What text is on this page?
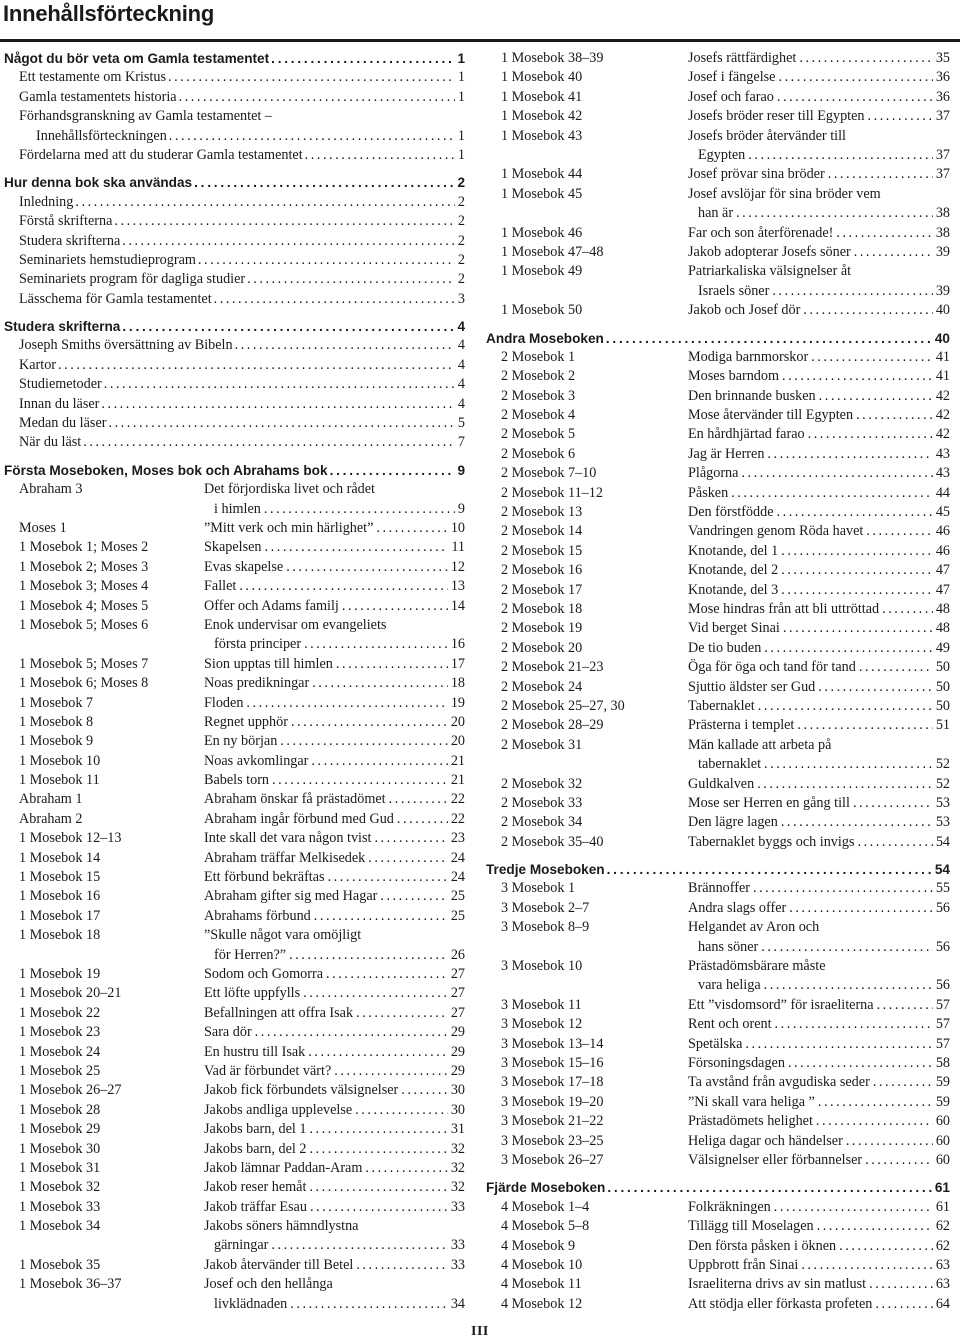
Innehållsförteckning
Något du bör veta om Gamla testamentet . . .	1
Ett testamente om Kristus . . .	1
Gamla testamentets historia . . .	1
Förhandsgranskning av Gamla testamentet –
Innehållsförteckningen . . .	1
Fördelarna med att du studerar Gamla testamentet . . .	1
Hur denna bok ska användas . . .	2
Inledning . . .	2
Förstå skrifterna . . .	2
Studera skrifterna . . .	2
Seminariets hemstudieprogram . . .	2
Seminariets program för dagliga studier . . .	2
Lässchema för Gamla testamentet . . .	3
Studera skrifterna . . .	4
Joseph Smiths översättning av Bibeln . . .	4
Kartor . . .	4
Studiemetoder . . .	4
Innan du läser . . .	4
Medan du läser . . .	5
När du läst . . .	7
Första Moseboken, Moses bok och Abrahams bok . . .	9
Abraham 3	Det förjordiska livet och rådet
i himlen . . .	9
Moses 1	”Mitt verk och min härlighet” . . .	10
1 Mosebok 1; Moses 2	Skapelsen . . .	11
1 Mosebok 2; Moses 3	Evas skapelse . . .	12
1 Mosebok 3; Moses 4	Fallet . . .	13
1 Mosebok 4; Moses 5	Offer och Adams familj . . .	14
1 Mosebok 5; Moses 6	Enok undervisar om evangeliets
första principer . . .	16
1 Mosebok 5; Moses 7	Sion upptas till himlen . . .	17
1 Mosebok 6; Moses 8	Noas predikningar . . .	18
1 Mosebok 7	Floden . . .	19
1 Mosebok 8	Regnet upphör . . .	20
1 Mosebok 9	En ny början . . .	20
1 Mosebok 10	Noas avkomlingar . . .	21
1 Mosebok 11	Babels torn . . .	21
Abraham 1	Abraham önskar få prästadömet . . .	22
Abraham 2	Abraham ingår förbund med Gud . . .	22
1 Mosebok 12–13	Inte skall det vara någon tvist . . .	23
1 Mosebok 14	Abraham träffar Melkisedek . . .	24
1 Mosebok 15	Ett förbund bekräftas . . .	24
1 Mosebok 16	Abraham gifter sig med Hagar . . .	25
1 Mosebok 17	Abrahams förbund . . .	25
1 Mosebok 18	”Skulle något vara omöjligt
för Herren?” . . .	26
1 Mosebok 19	Sodom och Gomorra . . .	27
1 Mosebok 20–21	Ett löfte uppfylls . . .	27
1 Mosebok 22	Befallningen att offra Isak . . .	27
1 Mosebok 23	Sara dör . . .	29
1 Mosebok 24	En hustru till Isak . . .	29
1 Mosebok 25	Vad är förbundet värt? . . .	29
1 Mosebok 26–27	Jakob fick förbundets välsignelser . . .	30
1 Mosebok 28	Jakobs andliga upplevelse . . .	30
1 Mosebok 29	Jakobs barn, del 1 . . .	31
1 Mosebok 30	Jakobs barn, del 2 . . .	32
1 Mosebok 31	Jakob lämnar Paddan-Aram . . .	32
1 Mosebok 32	Jakob reser hemåt . . .	32
1 Mosebok 33	Jakob träffar Esau . . .	33
1 Mosebok 34	Jakobs söners hämndlystna
gärningar . . .	33
1 Mosebok 35	Jakob återvänder till Betel . . .	33
1 Mosebok 36–37	Josef och den hellånga
livklädnaden . . .	34
1 Mosebok 38–39	Josefs rättfärdighet . . .	35
1 Mosebok 40	Josef i fängelse . . .	36
1 Mosebok 41	Josef och farao . . .	36
1 Mosebok 42	Josefs bröder reser till Egypten . . .	37
1 Mosebok 43	Josefs bröder återvänder till
Egypten . . .	37
1 Mosebok 44	Josef prövar sina bröder . . .	37
1 Mosebok 45	Josef avslöjar för sina bröder vem
han är . . .	38
1 Mosebok 46	Far och son återförenade! . . .	38
1 Mosebok 47–48	Jakob adopterar Josefs söner . . .	39
1 Mosebok 49	Patriarkaliska välsignelser åt
Israels söner . . .	39
1 Mosebok 50	Jakob och Josef dör . . .	40
Andra Moseboken . . .	40
2 Mosebok 1	Modiga barnmorskor . . .	41
2 Mosebok 2	Moses barndom . . .	41
2 Mosebok 3	Den brinnande busken . . .	42
2 Mosebok 4	Mose återvänder till Egypten . . .	42
2 Mosebok 5	En hårdhjärtad farao . . .	42
2 Mosebok 6	Jag är Herren . . .	43
2 Mosebok 7–10	Plågorna . . .	43
2 Mosebok 11–12	Påsken . . .	44
2 Mosebok 13	Den förstfödde . . .	45
2 Mosebok 14	Vandringen genom Röda havet . . .	46
2 Mosebok 15	Knotande, del 1 . . .	46
2 Mosebok 16	Knotande, del 2 . . .	47
2 Mosebok 17	Knotande, del 3 . . .	47
2 Mosebok 18	Mose hindras från att bli uttröttad . . .	48
2 Mosebok 19	Vid berget Sinai . . .	48
2 Mosebok 20	De tio buden . . .	49
2 Mosebok 21–23	Öga för öga och tand för tand . . .	50
2 Mosebok 24	Sjuttio äldster ser Gud . . .	50
2 Mosebok 25–27, 30	Tabernaklet . . .	50
2 Mosebok 28–29	Prästerna i templet . . .	51
2 Mosebok 31	Män kallade att arbeta på
tabernaklet . . .	52
2 Mosebok 32	Guldkalven . . .	52
2 Mosebok 33	Mose ser Herren en gång till . . .	53
2 Mosebok 34	Den lägre lagen . . .	53
2 Mosebok 35–40	Tabernaklet byggs och invigs . . .	54
Tredje Moseboken . . .	54
3 Mosebok 1	Brännoffer . . .	55
3 Mosebok 2–7	Andra slags offer . . .	56
3 Mosebok 8–9	Helgandet av Aron och
hans söner . . .	56
3 Mosebok 10	Prästadömsbärare måste
vara heliga . . .	56
3 Mosebok 11	Ett ”visdomsord” för israeliterna . . .	57
3 Mosebok 12	Rent och orent . . .	57
3 Mosebok 13–14	Spetälska . . .	57
3 Mosebok 15–16	Försoningsdagen . . .	58
3 Mosebok 17–18	Ta avstånd från avgudiska seder . . .	59
3 Mosebok 19–20	”Ni skall vara heliga ” . . .	59
3 Mosebok 21–22	Prästadömets helighet . . .	60
3 Mosebok 23–25	Heliga dagar och händelser . . .	60
3 Mosebok 26–27	Välsignelser eller förbannelser . . .	60
Fjärde Moseboken . . .	61
4 Mosebok 1–4	Folkräkningen . . .	61
4 Mosebok 5–8	Tillägg till Moselagen . . .	62
4 Mosebok 9	Den första påsken i öknen . . .	62
4 Mosebok 10	Uppbrott från Sinai . . .	63
4 Mosebok 11	Israeliterna drivs av sin matlust . . .	63
4 Mosebok 12	Att stödja eller förkasta profeten . . .	64
III
